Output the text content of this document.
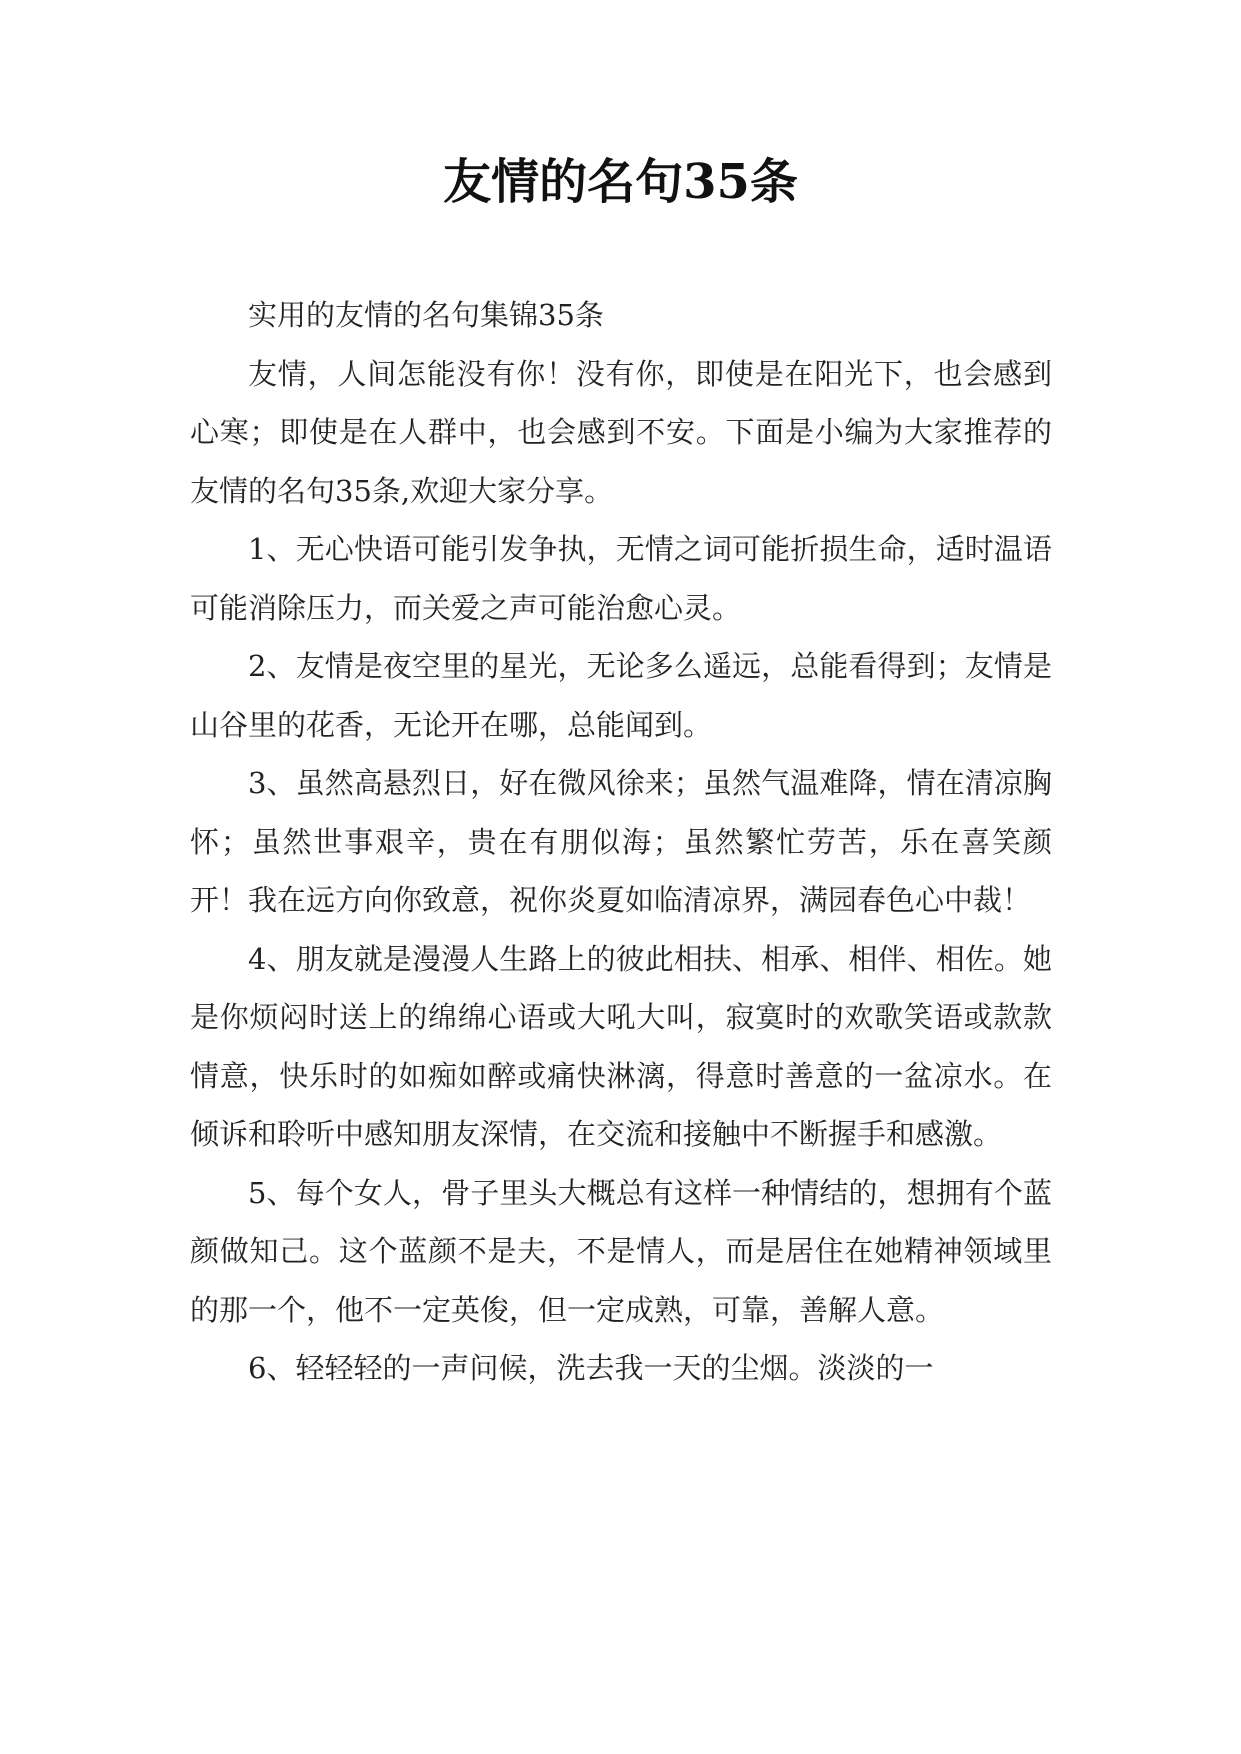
友情的名句35条

实用的友情的名句集锦35条

友情，人间怎能没有你！没有你，即使是在阳光下，也会感到心寒；即使是在人群中，也会感到不安。下面是小编为大家推荐的友情的名句35条,欢迎大家分享。

1、无心快语可能引发争执，无情之词可能折损生命，适时温语可能消除压力，而关爱之声可能治愈心灵。

2、友情是夜空里的星光，无论多么遥远，总能看得到；友情是山谷里的花香，无论开在哪，总能闻到。

3、虽然高悬烈日，好在微风徐来；虽然气温难降，情在清凉胸怀；虽然世事艰辛，贵在有朋似海；虽然繁忙劳苦，乐在喜笑颜开！我在远方向你致意，祝你炎夏如临清凉界，满园春色心中裁！

4、朋友就是漫漫人生路上的彼此相扶、相承、相伴、相佐。她是你烦闷时送上的绵绵心语或大吼大叫，寂寞时的欢歌笑语或款款情意，快乐时的如痴如醉或痛快淋漓，得意时善意的一盆凉水。在倾诉和聆听中感知朋友深情，在交流和接触中不断握手和感激。

5、每个女人，骨子里头大概总有这样一种情结的，想拥有个蓝颜做知己。这个蓝颜不是夫，不是情人，而是居住在她精神领域里的那一个，他不一定英俊，但一定成熟，可靠，善解人意。

6、轻轻轻的一声问候，洗去我一天的尘烟。淡淡的一
